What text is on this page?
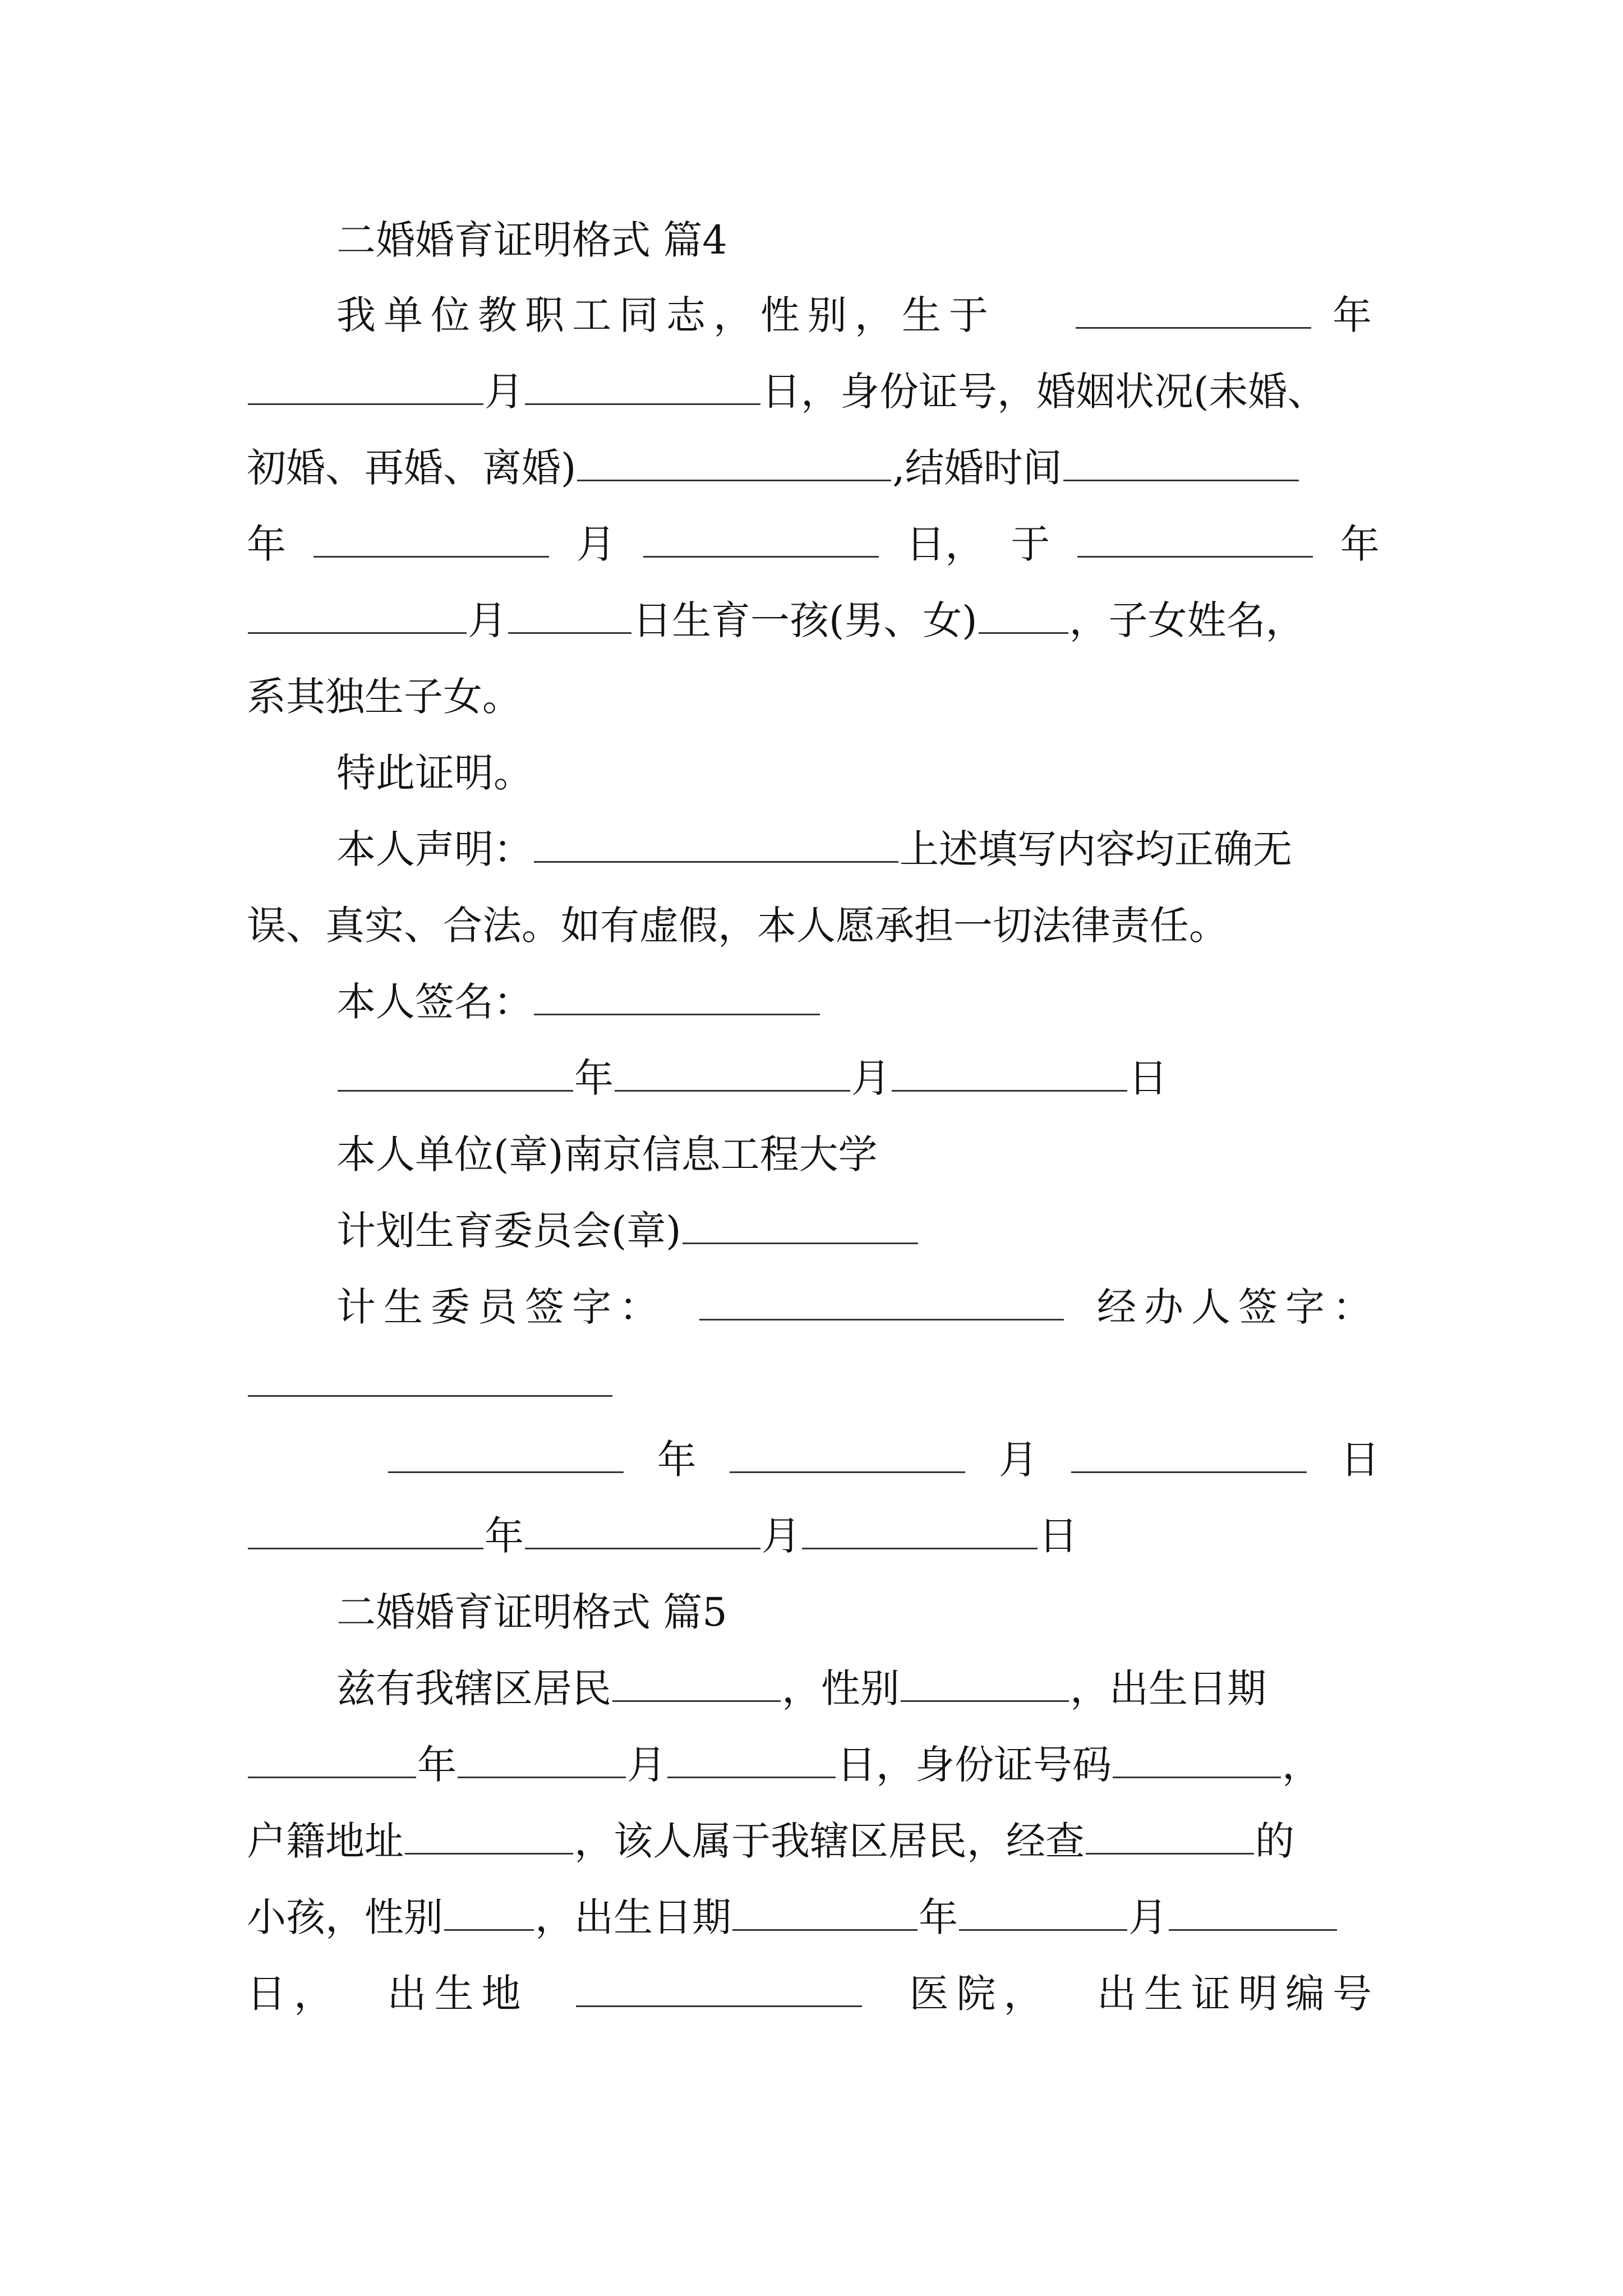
二婚婚育证明格式 篇4
我单位教职工同志，性别，生于	年
月	日，身份证号，婚姻状况(未婚、
初婚、再婚、离婚)	,结婚时间
年	月	日， 于	年
月	日生育一孩(男、女) ，子女姓名，
系其独生子女。
特此证明。
本人声明：	上述填写内容均正确无
误、真实、合法。如有虚假，本人愿承担一切法律责任。
本人签名：
年	月	日
本人单位(章)南京信息工程大学
计划生育委员会(章)
计生委员签字：	经办人签字：
年	月	日
年	月	日
二婚婚育证明格式 篇5
兹有我辖区居民	，性别	，出生日期
年	月	日，身份证号码	，
户籍地址	，该人属于我辖区居民，经查	的
小孩，性别 ，出生日期	年	月
日， 出生地	医院， 出生证明编号
